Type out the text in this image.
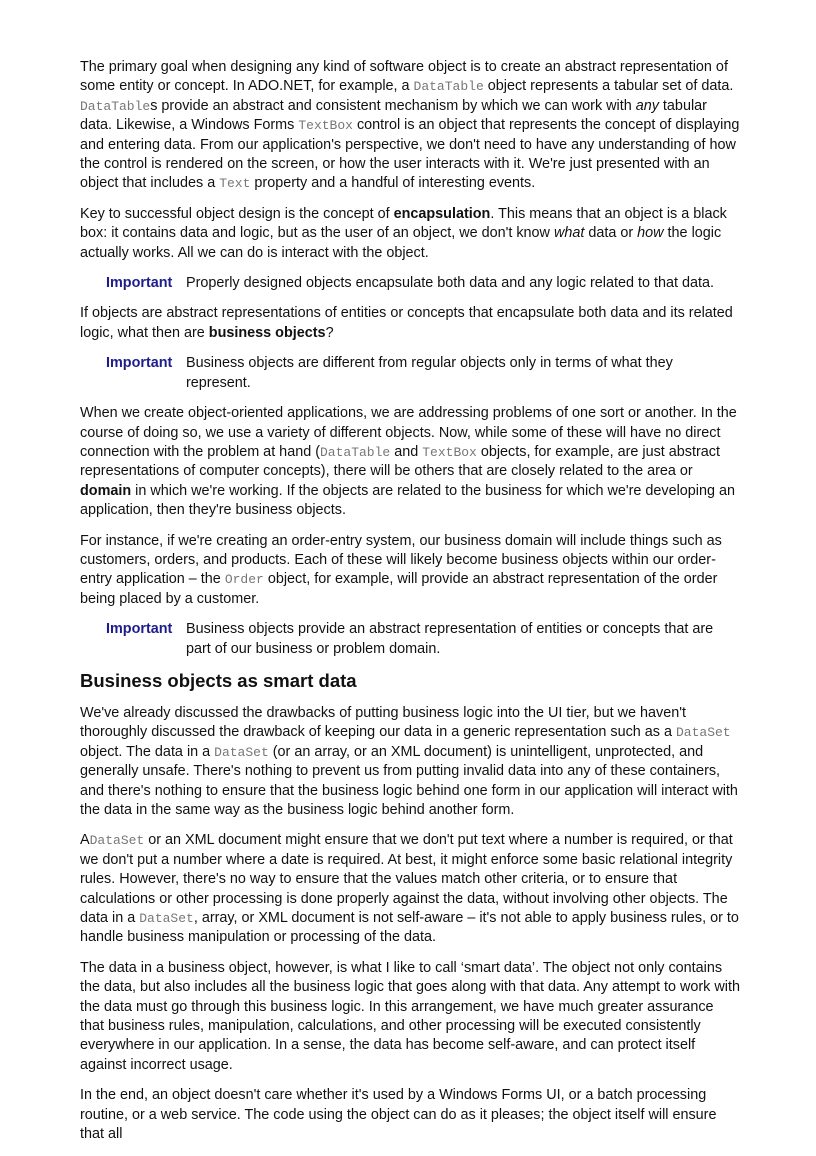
The primary goal when designing any kind of software object is to create an abstract representation of some entity or concept. In ADO.NET, for example, a DataTable object represents a tabular set of data. DataTables provide an abstract and consistent mechanism by which we can work with any tabular data. Likewise, a Windows Forms TextBox control is an object that represents the concept of displaying and entering data. From our application's perspective, we don't need to have any understanding of how the control is rendered on the screen, or how the user interacts with it. We're just presented with an object that includes a Text property and a handful of interesting events.

Key to successful object design is the concept of encapsulation. This means that an object is a black box: it contains data and logic, but as the user of an object, we don't know what data or how the logic actually works. All we can do is interact with the object.

Important Properly designed objects encapsulate both data and any logic related to that data.

If objects are abstract representations of entities or concepts that encapsulate both data and its related logic, what then are business objects?

Important Business objects are different from regular objects only in terms of what they represent.

When we create object-oriented applications, we are addressing problems of one sort or another. In the course of doing so, we use a variety of different objects. Now, while some of these will have no direct connection with the problem at hand (DataTable and TextBox objects, for example, are just abstract representations of computer concepts), there will be others that are closely related to the area or domain in which we're working. If the objects are related to the business for which we're developing an application, then they're business objects.

For instance, if we're creating an order-entry system, our business domain will include things such as customers, orders, and products. Each of these will likely become business objects within our order-entry application – the Order object, for example, will provide an abstract representation of the order being placed by a customer.

Important Business objects provide an abstract representation of entities or concepts that are part of our business or problem domain.
Business objects as smart data

We've already discussed the drawbacks of putting business logic into the UI tier, but we haven't thoroughly discussed the drawback of keeping our data in a generic representation such as a DataSet object. The data in a DataSet (or an array, or an XML document) is unintelligent, unprotected, and generally unsafe. There's nothing to prevent us from putting invalid data into any of these containers, and there's nothing to ensure that the business logic behind one form in our application will interact with the data in the same way as the business logic behind another form.

ADataSet or an XML document might ensure that we don't put text where a number is required, or that we don't put a number where a date is required. At best, it might enforce some basic relational integrity rules. However, there's no way to ensure that the values match other criteria, or to ensure that calculations or other processing is done properly against the data, without involving other objects. The data in a DataSet, array, or XML document is not self-aware – it's not able to apply business rules, or to handle business manipulation or processing of the data.

The data in a business object, however, is what I like to call ‘smart data’. The object not only contains the data, but also includes all the business logic that goes along with that data. Any attempt to work with the data must go through this business logic. In this arrangement, we have much greater assurance that business rules, manipulation, calculations, and other processing will be executed consistently everywhere in our application. In a sense, the data has become self-aware, and can protect itself against incorrect usage.

In the end, an object doesn't care whether it's used by a Windows Forms UI, or a batch processing routine, or a web service. The code using the object can do as it pleases; the object itself will ensure that all
